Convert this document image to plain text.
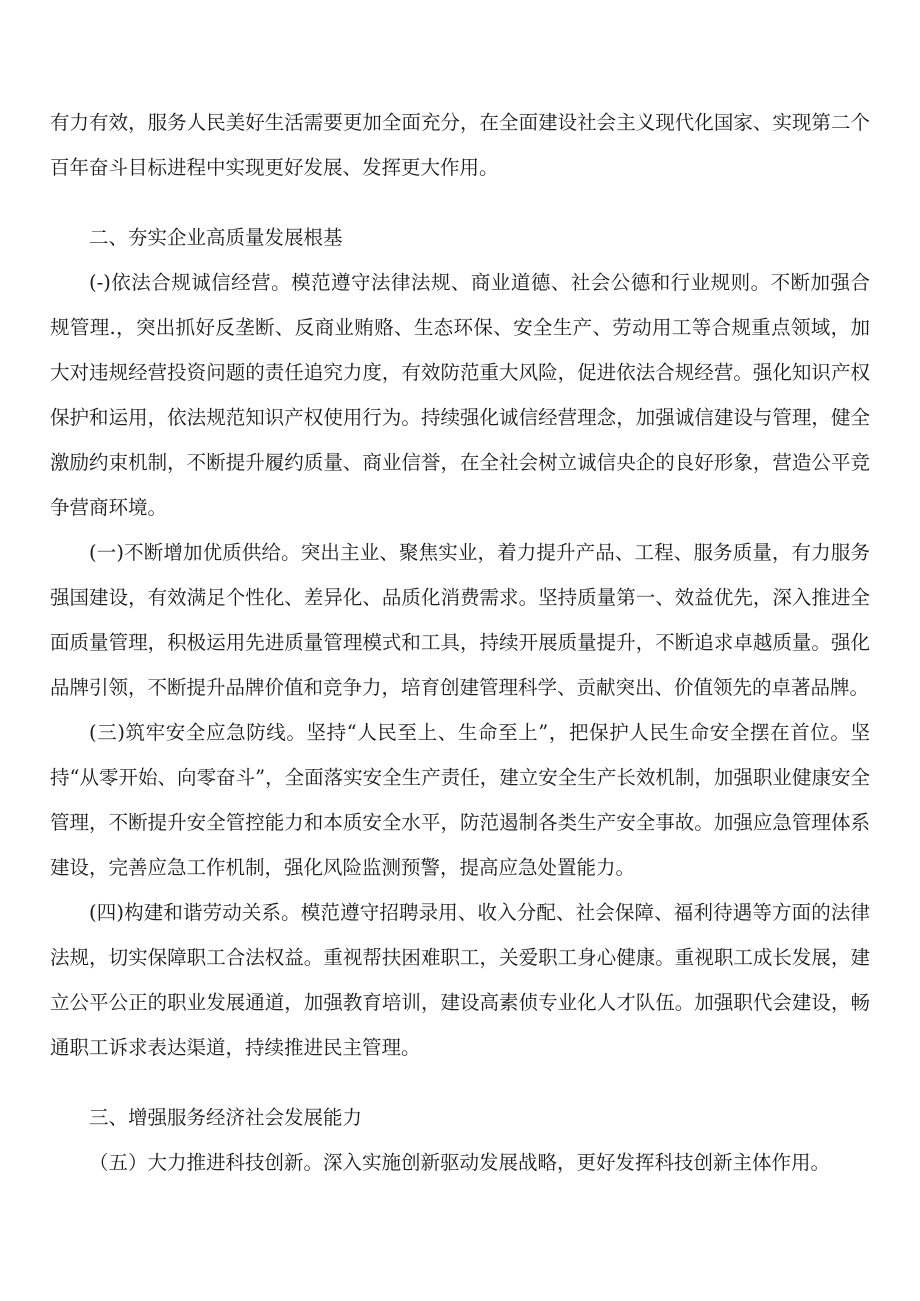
有力有效，服务人民美好生活需要更加全面充分，在全面建设社会主义现代化国家、实现第二个百年奋斗目标进程中实现更好发展、发挥更大作用。

二、夯实企业高质量发展根基

(-)依法合规诚信经营。模范遵守法律法规、商业道德、社会公德和行业规则。不断加强合规管理.，突出抓好反垄断、反商业贿赂、生态环保、安全生产、劳动用工等合规重点领域，加大对违规经营投资问题的责任追究力度，有效防范重大风险，促进依法合规经营。强化知识产权保护和运用，依法规范知识产权使用行为。持续强化诚信经营理念，加强诚信建设与管理，健全激励约束机制，不断提升履约质量、商业信誉，在全社会树立诚信央企的良好形象，营造公平竞争营商环境。

(一)不断增加优质供给。突出主业、聚焦实业，着力提升产品、工程、服务质量，有力服务强国建设，有效满足个性化、差异化、品质化消费需求。坚持质量第一、效益优先，深入推进全面质量管理，积极运用先进质量管理模式和工具，持续开展质量提升，不断追求卓越质量。强化品牌引领，不断提升品牌价值和竞争力，培育创建管理科学、贡献突出、价值领先的卓著品牌。

(三)筑牢安全应急防线。坚持“人民至上、生命至上”，把保护人民生命安全摆在首位。坚持“从零开始、向零奋斗”，全面落实安全生产责任，建立安全生产长效机制，加强职业健康安全管理，不断提升安全管控能力和本质安全水平，防范遏制各类生产安全事故。加强应急管理体系建设，完善应急工作机制，强化风险监测预警，提高应急处置能力。

(四)构建和谐劳动关系。模范遵守招聘录用、收入分配、社会保障、福利待遇等方面的法律法规，切实保障职工合法权益。重视帮扶困难职工，关爱职工身心健康。重视职工成长发展，建立公平公正的职业发展通道，加强教育培训，建设高素侦专业化人才队伍。加强职代会建设，畅通职工诉求表达渠道，持续推进民主管理。

三、增强服务经济社会发展能力

（五）大力推进科技创新。深入实施创新驱动发展战略，更好发挥科技创新主体作用。
